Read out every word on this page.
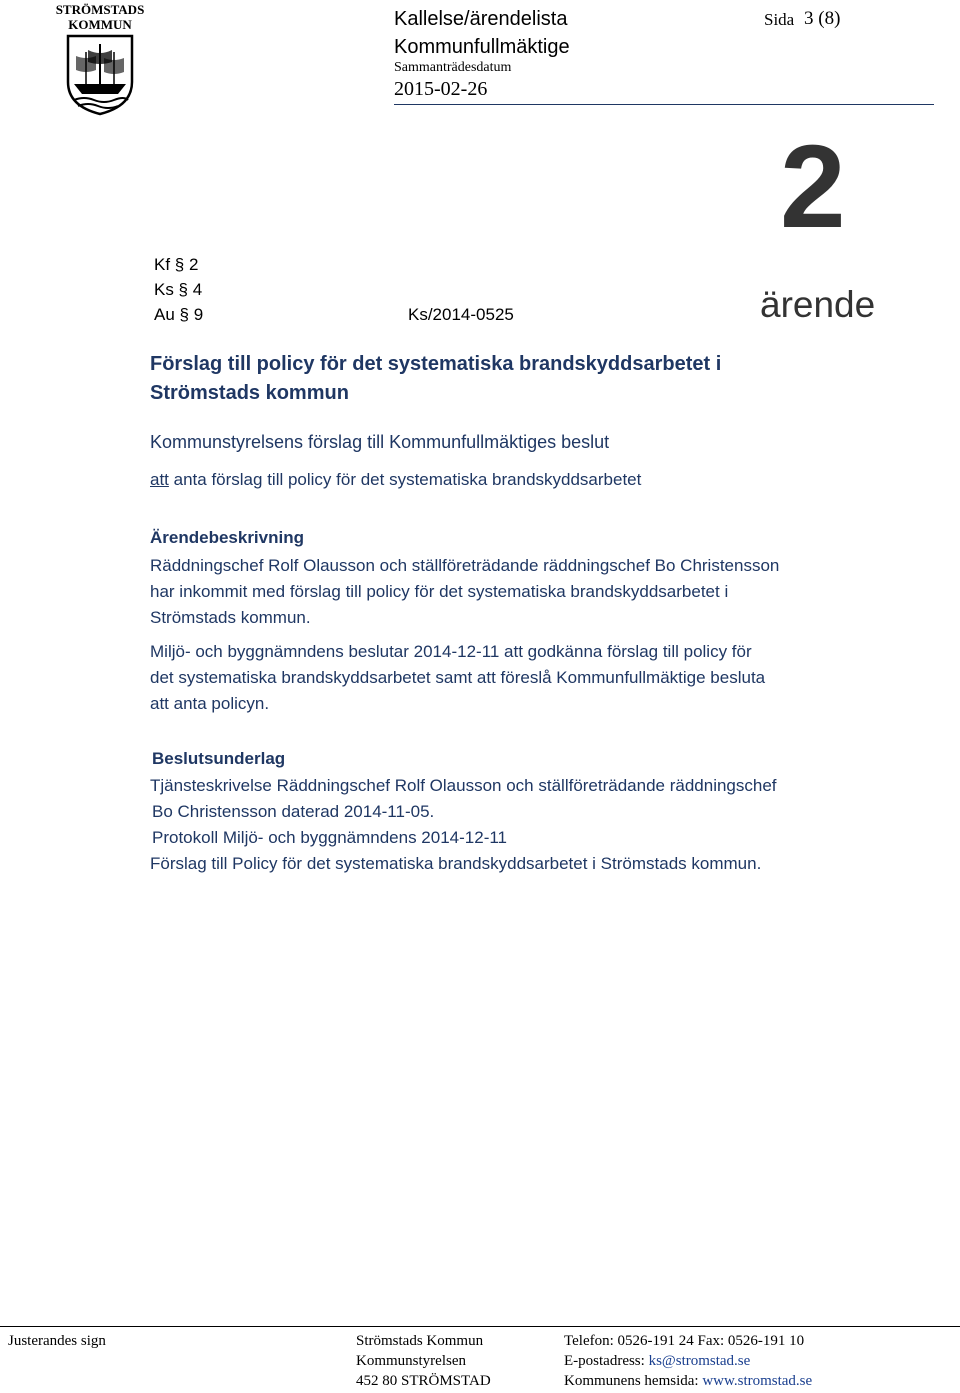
STRÖMSTADS
KOMMUN	Kallelse/ärendelista
Kommunfullmäktige
Sammanträdesdatum
2015-02-26
Sida 3 (8)
2
ärende
Kf § 2
Ks § 4
Au § 9	Ks/2014-0525
Förslag till policy för det systematiska brandskyddsarbetet i
Strömstads kommun
Kommunstyrelsens förslag till Kommunfullmäktiges beslut
att anta förslag till policy för det systematiska brandskyddsarbetet
Ärendebeskrivning
Räddningschef Rolf Olausson och ställföreträdande räddningschef Bo Christensson
har inkommit med förslag till policy för det systematiska brandskyddsarbetet i
Strömstads kommun.
Miljö- och byggnämndens beslutar 2014-12-11 att godkänna förslag till policy för
det systematiska brandskyddsarbetet samt att föreslå Kommunfullmäktige besluta
att anta policyn.
Beslutsunderlag
Tjänsteskrivelse Räddningschef Rolf Olausson och ställföreträdande räddningschef
Bo Christensson daterad 2014-11-05.
Protokoll Miljö- och byggnämndens 2014-12-11
Förslag till Policy för det systematiska brandskyddsarbetet i Strömstads kommun.
Justerandes sign	Strömstads Kommun
Kommunstyrelsen
452 80 STRÖMSTAD
Telefon: 0526-191 24 Fax: 0526-191 10
E-postadress: ks@stromstad.se
Kommunens hemsida: www.stromstad.se
